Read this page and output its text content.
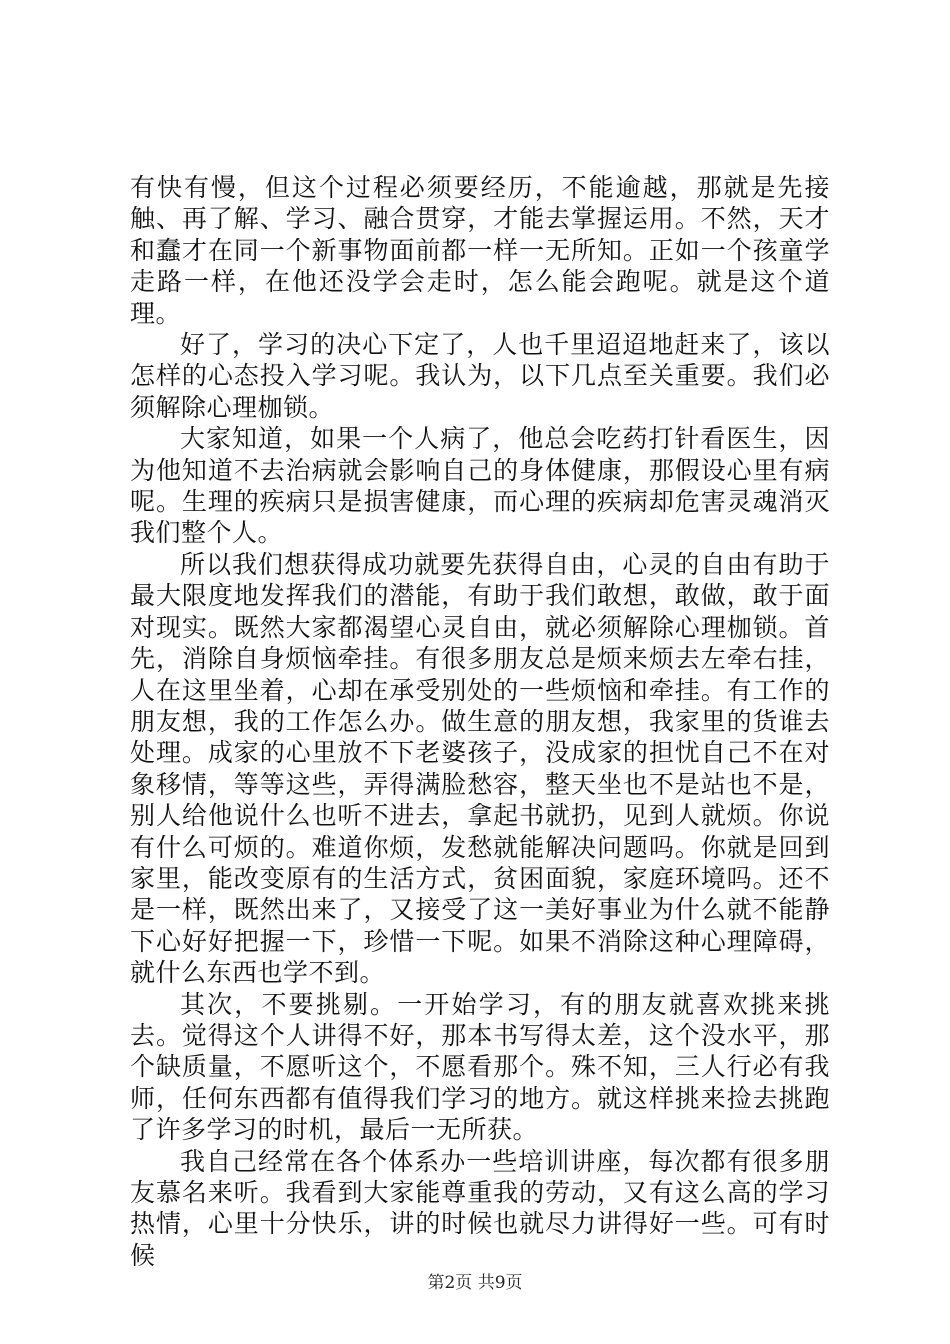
有快有慢，但这个过程必须要经历，不能逾越，那就是先接触、再了解、学习、融合贯穿，才能去掌握运用。不然，天才和蠢才在同一个新事物面前都一样一无所知。正如一个孩童学走路一样，在他还没学会走时，怎么能会跑呢。就是这个道理。

好了，学习的决心下定了，人也千里迢迢地赶来了，该以怎样的心态投入学习呢。我认为，以下几点至关重要。我们必须解除心理枷锁。

大家知道，如果一个人病了，他总会吃药打针看医生，因为他知道不去治病就会影响自己的身体健康，那假设心里有病呢。生理的疾病只是损害健康，而心理的疾病却危害灵魂消灭我们整个人。

所以我们想获得成功就要先获得自由，心灵的自由有助于最大限度地发挥我们的潜能，有助于我们敢想，敢做，敢于面对现实。既然大家都渴望心灵自由，就必须解除心理枷锁。首先，消除自身烦恼牵挂。有很多朋友总是烦来烦去左牵右挂，人在这里坐着，心却在承受别处的一些烦恼和牵挂。有工作的朋友想，我的工作怎么办。做生意的朋友想，我家里的货谁去处理。成家的心里放不下老婆孩子，没成家的担忧自己不在对象移情，等等这些，弄得满脸愁容，整天坐也不是站也不是，别人给他说什么也听不进去，拿起书就扔，见到人就烦。你说有什么可烦的。难道你烦，发愁就能解决问题吗。你就是回到家里，能改变原有的生活方式，贫困面貌，家庭环境吗。还不是一样，既然出来了，又接受了这一美好事业为什么就不能静下心好好把握一下，珍惜一下呢。如果不消除这种心理障碍，就什么东西也学不到。

其次，不要挑剔。一开始学习，有的朋友就喜欢挑来挑去。觉得这个人讲得不好，那本书写得太差，这个没水平，那个缺质量，不愿听这个，不愿看那个。殊不知，三人行必有我师，任何东西都有值得我们学习的地方。就这样挑来捡去挑跑了许多学习的时机，最后一无所获。

我自己经常在各个体系办一些培训讲座，每次都有很多朋友慕名来听。我看到大家能尊重我的劳动，又有这么高的学习热情，心里十分快乐，讲的时候也就尽力讲得好一些。可有时候

第2页 共9页
